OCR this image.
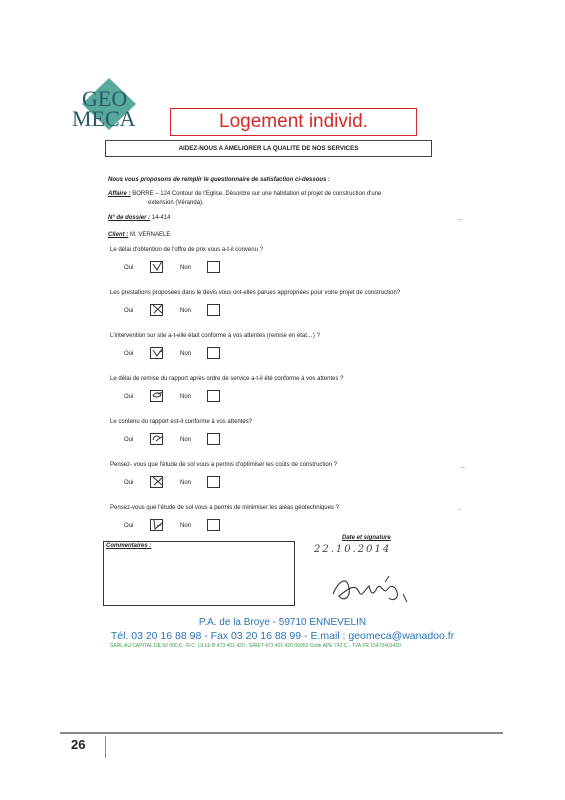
GEO
MECA	Logement individ.
AIDEZ-NOUS A AMELIORER LA QUALITE DE NOS SERVICES
Nous vous proposons de remplir le questionnaire de satisfaction ci-dessous :
Affaire : BORRE – 124 Contour de l'Eglise. Désordre sur une habitation et projet de construction d'une
extension (Véranda).
N° de dossier : 14-414
Client : M. VERNAELE
Le délai d'obtention de l'offre de prix vous a-t-il convenu ?
Oui	Non
Les prestations proposées dans le devis vous ont-elles parues appropriées pour votre projet de construction?
Oui	Non
L'intervention sur site a-t-elle était conforme à vos attentes (remise en état…) ?
Oui	Non
Le délai de remise du rapport après ordre de service a-t-il été conforme à vos attentes ?
Oui	Non
Le contenu du rapport est-il conforme à vos attentes?
Oui	Non
Pensez- vous que l'étude de sol vous a permis d'optimiser les coûts de construction ?
Oui	Non
Pensez-vous que l'étude de sol vous a permis de minimiser les aléas géotechniques ?
Oui	Non
Commentaires :
Date et signature
22.10.2014
P.A. de la Broye - 59710 ENNEVELIN
Tél. 03 20 16 88 98 - Fax 03 20 16 88 99 - E.mail : geomeca@wanadoo.fr
SARL AU CAPITAL DE 50 000 € - R.C. LILLE B 473 401 420 - SIRET 473 401 420 00053 Code APE 742 C - TVA FR 15473401420
26
